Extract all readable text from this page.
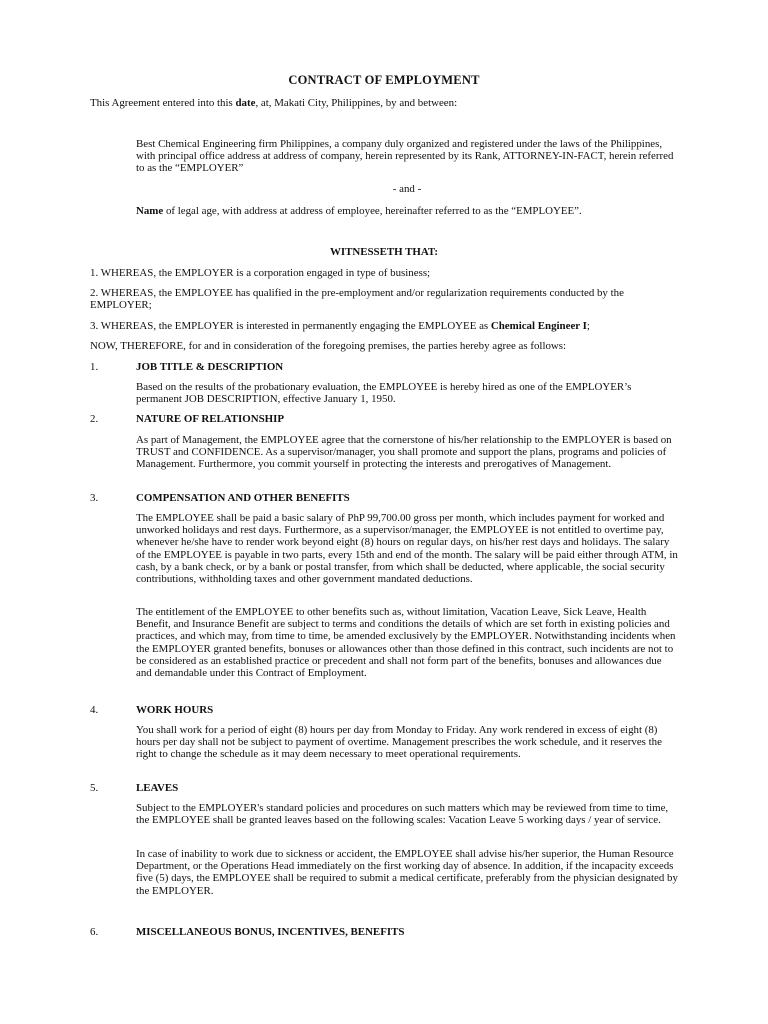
CONTRACT OF EMPLOYMENT
This Agreement entered into this date, at, Makati City, Philippines, by and between:
Best Chemical Engineering firm Philippines, a company duly organized and registered under the laws of the Philippines, with principal office address at address of company, herein represented by its Rank, ATTORNEY-IN-FACT, herein referred to as the “EMPLOYER”
- and -
Name of legal age, with address at address of employee, hereinafter referred to as the “EMPLOYEE”.
WITNESSETH THAT:
1. WHEREAS, the EMPLOYER is a corporation engaged in type of business;
2. WHEREAS, the EMPLOYEE has qualified in the pre-employment and/or regularization requirements conducted by the EMPLOYER;
3. WHEREAS, the EMPLOYER is interested in permanently engaging the EMPLOYEE as Chemical Engineer I;
NOW, THEREFORE, for and in consideration of the foregoing premises, the parties hereby agree as follows:
1.	JOB TITLE & DESCRIPTION
Based on the results of the probationary evaluation, the EMPLOYEE is hereby hired as one of the EMPLOYER’s permanent JOB DESCRIPTION, effective January 1, 1950.
2.	NATURE OF RELATIONSHIP
As part of Management, the EMPLOYEE agree that the cornerstone of his/her relationship to the EMPLOYER is based on TRUST and CONFIDENCE. As a supervisor/manager, you shall promote and support the plans, programs and policies of Management. Furthermore, you commit yourself in protecting the interests and prerogatives of Management.
3.	COMPENSATION AND OTHER BENEFITS
The EMPLOYEE shall be paid a basic salary of PhP 99,700.00 gross per month, which includes payment for worked and unworked holidays and rest days. Furthermore, as a supervisor/manager, the EMPLOYEE is not entitled to overtime pay, whenever he/she have to render work beyond eight (8) hours on regular days, on his/her rest days and holidays. The salary of the EMPLOYEE is payable in two parts, every 15th and end of the month. The salary will be paid either through ATM, in cash, by a bank check, or by a bank or postal transfer, from which shall be deducted, where applicable, the social security contributions, withholding taxes and other government mandated deductions.
The entitlement of the EMPLOYEE to other benefits such as, without limitation, Vacation Leave, Sick Leave, Health Benefit, and Insurance Benefit are subject to terms and conditions the details of which are set forth in existing policies and practices, and which may, from time to time, be amended exclusively by the EMPLOYER. Notwithstanding incidents when the EMPLOYER granted benefits, bonuses or allowances other than those defined in this contract, such incidents are not to be considered as an established practice or precedent and shall not form part of the benefits, bonuses and allowances due and demandable under this Contract of Employment.
4.	WORK HOURS
You shall work for a period of eight (8) hours per day from Monday to Friday. Any work rendered in excess of eight (8) hours per day shall not be subject to payment of overtime. Management prescribes the work schedule, and it reserves the right to change the schedule as it may deem necessary to meet operational requirements.
5.	LEAVES
Subject to the EMPLOYER's standard policies and procedures on such matters which may be reviewed from time to time, the EMPLOYEE shall be granted leaves based on the following scales: Vacation Leave 5 working days / year of service.
In case of inability to work due to sickness or accident, the EMPLOYEE shall advise his/her superior, the Human Resource Department, or the Operations Head immediately on the first working day of absence. In addition, if the incapacity exceeds five (5) days, the EMPLOYEE shall be required to submit a medical certificate, preferably from the physician designated by the EMPLOYER.
6.	MISCELLANEOUS BONUS, INCENTIVES, BENEFITS
